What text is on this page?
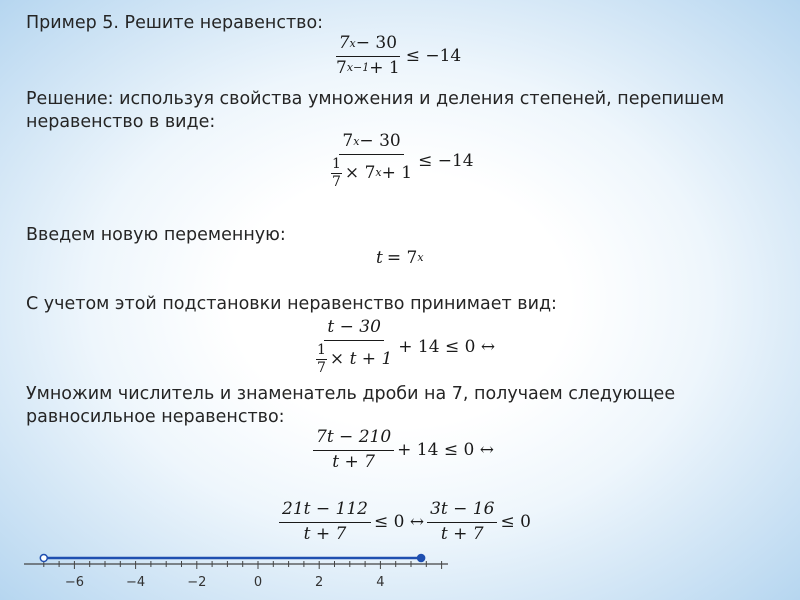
Пример 5. Решите неравенство:
Решение: используя свойства умножения и деления степеней, перепишем
неравенство в виде:
Введем новую переменную:
С учетом этой подстановки неравенство принимает вид:
Умножим числитель и знаменатель дроби на 7, получаем следующее
равносильное неравенство:
$\frac{7 x - 30}{7 x-1 + 1} \le -14$
$\frac{7 x - 30}{\frac{1}{7} \times 7 x + 1} \le -14$
t = 7 x
$\frac{t - 30}{\frac{1}{7} \times t + 1} + 14 \le 0$ ↔
$\frac{7t - 210}{t + 7} + 14 \le 0$ ↔
$\frac{21t - 112}{t + 7} \le 0$ ↔ $\frac{3t - 16}{t + 7} \le 0$
−6	−4	−2	0	2	4
